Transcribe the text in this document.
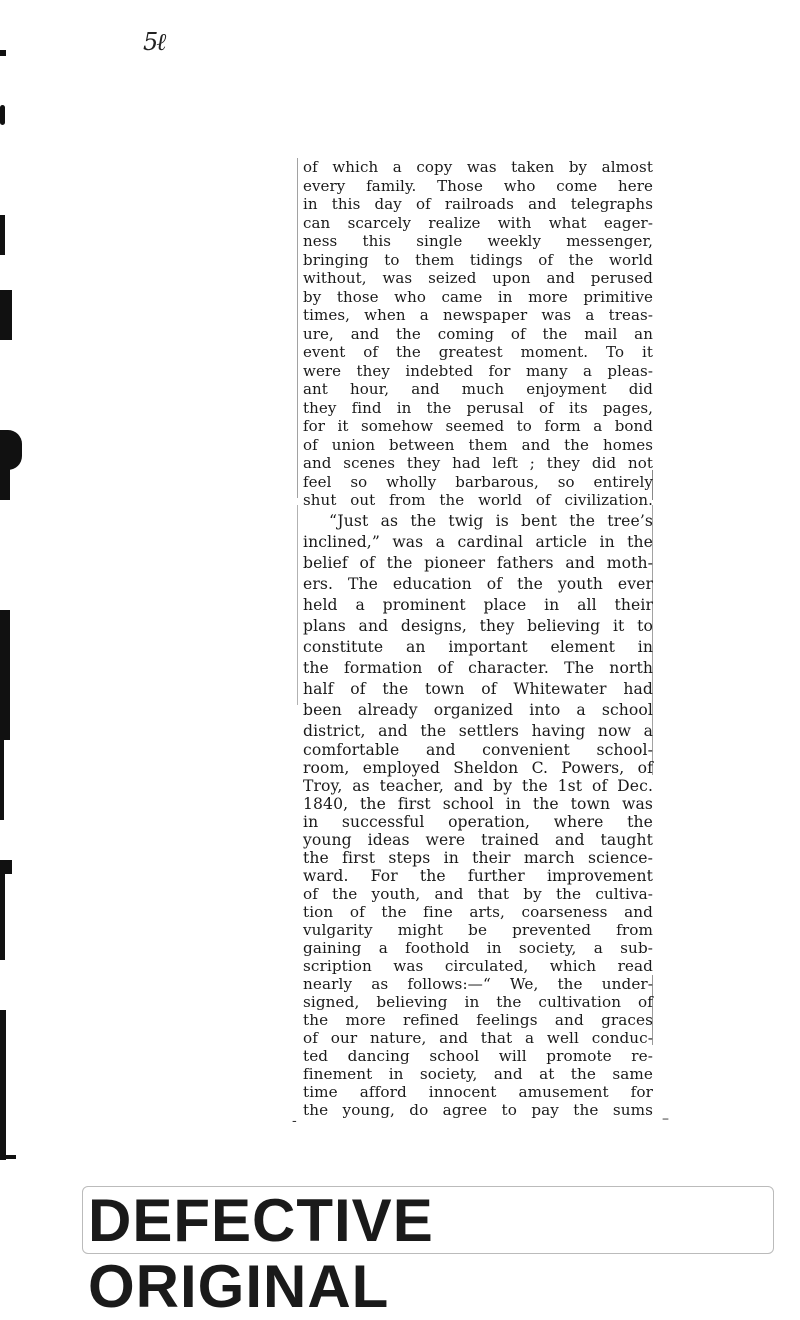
5ℓ
of which a copy was taken by almost
every family. Those who come here
in this day of railroads and telegraphs
can scarcely realize with what eager-
ness this single weekly messenger,
bringing to them tidings of the world
without, was seized upon and perused
by those who came in more primitive
times, when a newspaper was a treas-
ure, and the coming of the mail an
event of the greatest moment. To it
were they indebted for many a pleas-
ant hour, and much enjoyment did
they find in the perusal of its pages,
for it somehow seemed to form a bond
of union between them and the homes
and scenes they had left ; they did not
feel so wholly barbarous, so entirely
shut out from the world of civilization.
“Just as the twig is bent the tree’s
inclined,” was a cardinal article in the
belief of the pioneer fathers and moth-
ers. The education of the youth ever
held a prominent place in all their
plans and designs, they believing it to
constitute an important element in
the formation of character. The north
half of the town of Whitewater had
been already organized into a school
district, and the settlers having now a
comfortable and convenient school-
room, employed Sheldon C. Powers, of
Troy, as teacher, and by the 1st of Dec.
1840, the first school in the town was
in successful operation, where the
young ideas were trained and taught
the first steps in their march science-
ward. For the further improvement
of the youth, and that by the cultiva-
tion of the fine arts, coarseness and
vulgarity might be prevented from
gaining a foothold in society, a sub-
scription was circulated, which read
nearly as follows:—“ We, the under-
signed, believing in the cultivation of
the more refined feelings and graces
of our nature, and that a well conduc-
ted dancing school will promote re-
finement in society, and at the same
time afford innocent amusement for
the young, do agree to pay the sums
-	–
DEFECTIVE ORIGINAL
